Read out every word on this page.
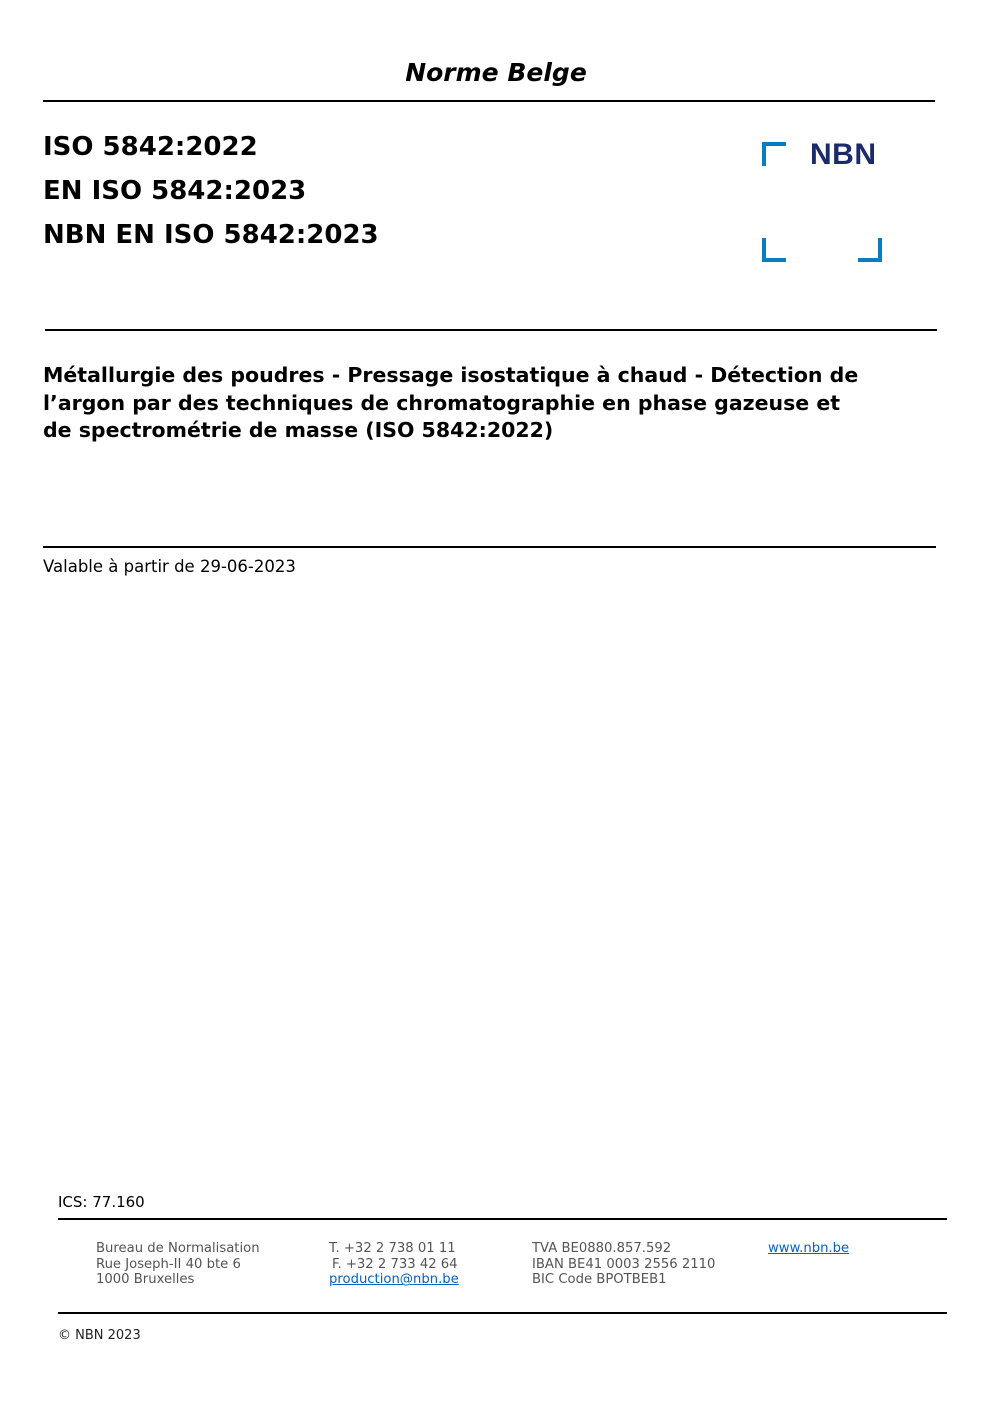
Norme Belge
ISO 5842:2022
EN ISO 5842:2023
NBN EN ISO 5842:2023
NBN
Métallurgie des poudres - Pressage isostatique à chaud - Détection de l’argon par des techniques de chromatographie en phase gazeuse et de spectrométrie de masse (ISO 5842:2022)
Valable à partir de 29-06-2023
ICS: 77.160
Bureau de Normalisation
Rue Joseph-II 40 bte 6
1000 Bruxelles
T. +32 2 738 01 11
F. +32 2 733 42 64
production@nbn.be
TVA BE0880.857.592
IBAN BE41 0003 2556 2110
BIC Code BPOTBEB1
www.nbn.be
© NBN 2023
